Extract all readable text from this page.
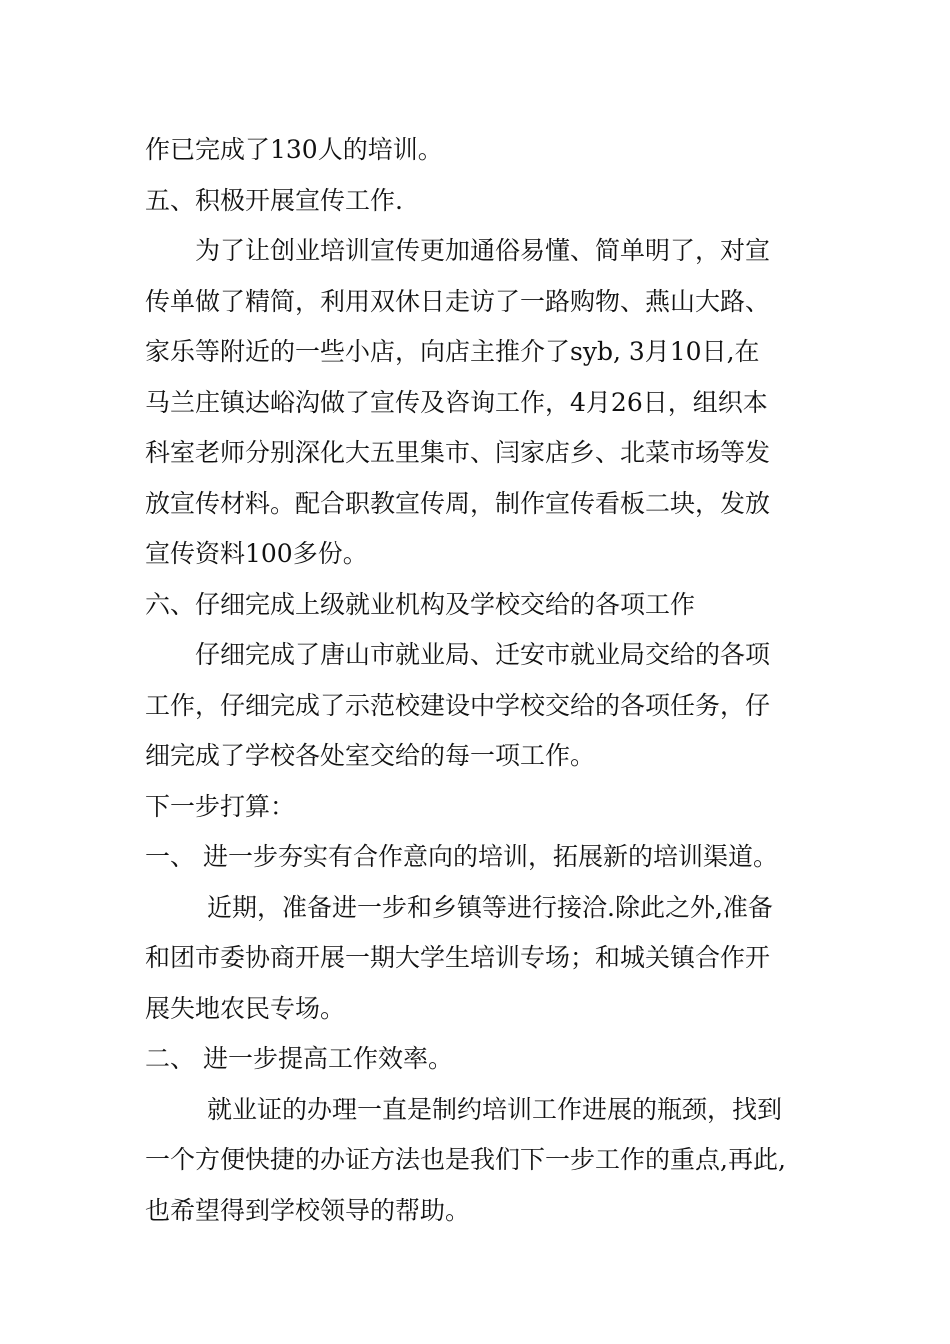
作已完成了130人的培训。
五、积极开展宣传工作.
为了让创业培训宣传更加通俗易懂、简单明了，对宣
传单做了精简，利用双休日走访了一路购物、燕山大路、
家乐等附近的一些小店，向店主推介了syb, 3月10日,在
马兰庄镇达峪沟做了宣传及咨询工作，4月26日，组织本
科室老师分别深化大五里集市、闫家店乡、北菜市场等发
放宣传材料。配合职教宣传周，制作宣传看板二块，发放
宣传资料100多份。
六、仔细完成上级就业机构及学校交给的各项工作
仔细完成了唐山市就业局、迁安市就业局交给的各项
工作，仔细完成了示范校建设中学校交给的各项任务，仔
细完成了学校各处室交给的每一项工作。
下一步打算：
一、 进一步夯实有合作意向的培训，拓展新的培训渠道。
近期，准备进一步和乡镇等进行接洽.除此之外,准备
和团市委协商开展一期大学生培训专场；和城关镇合作开
展失地农民专场。
二、 进一步提高工作效率。
就业证的办理一直是制约培训工作进展的瓶颈，找到
一个方便快捷的办证方法也是我们下一步工作的重点,再此,
也希望得到学校领导的帮助。
